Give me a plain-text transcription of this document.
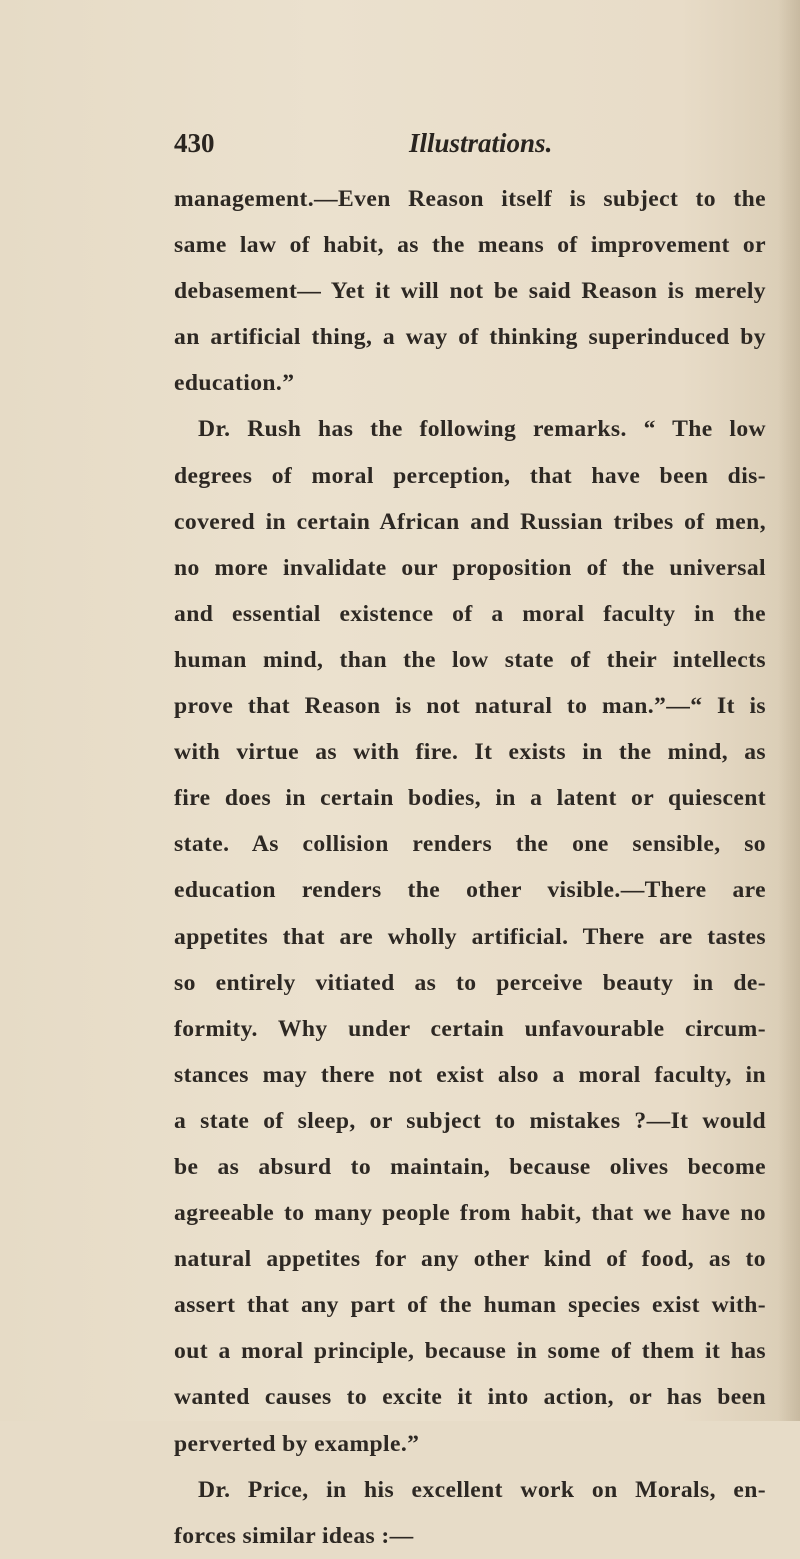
430	Illustrations.
management.—Even Reason itself is subject to the
same law of habit, as the means of improvement or
debasement— Yet it will not be said Reason is merely
an artificial thing, a way of thinking superinduced by
education.”
Dr. Rush has the following remarks. “ The low
degrees of moral perception, that have been dis-
covered in certain African and Russian tribes of men,
no more invalidate our proposition of the universal
and essential existence of a moral faculty in the
human mind, than the low state of their intellects
prove that Reason is not natural to man.”—“ It is
with virtue as with fire. It exists in the mind, as
fire does in certain bodies, in a latent or quiescent
state. As collision renders the one sensible, so
education renders the other visible.—There are
appetites that are wholly artificial. There are tastes
so entirely vitiated as to perceive beauty in de-
formity. Why under certain unfavourable circum-
stances may there not exist also a moral faculty, in
a state of sleep, or subject to mistakes ?—It would
be as absurd to maintain, because olives become
agreeable to many people from habit, that we have no
natural appetites for any other kind of food, as to
assert that any part of the human species exist with-
out a moral principle, because in some of them it has
wanted causes to excite it into action, or has been
perverted by example.”
Dr. Price, in his excellent work on Morals, en-
forces similar ideas :—
